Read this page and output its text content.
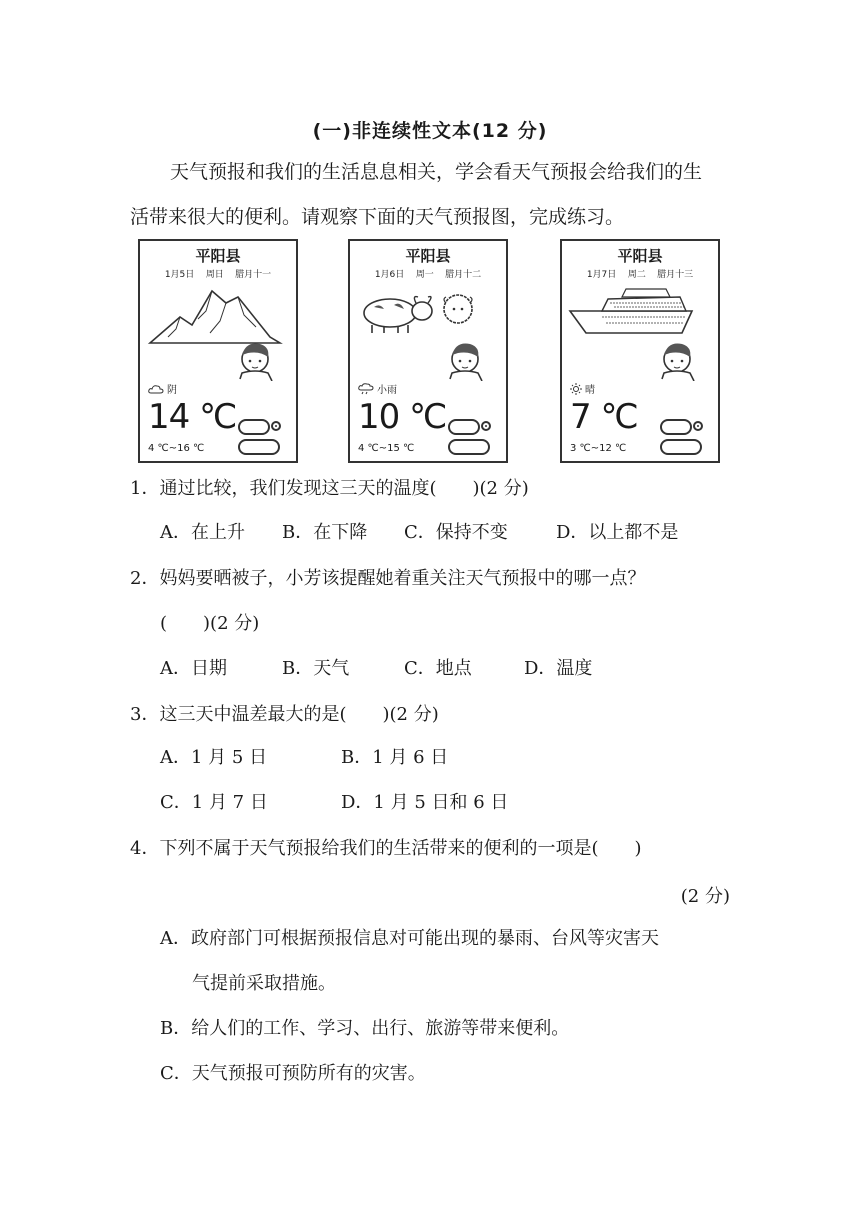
(一)非连续性文本(12 分)
天气预报和我们的生活息息相关，学会看天气预报会给我们的生
活带来很大的便利。请观察下面的天气预报图，完成练习。
平阳县
1月5日    周日    腊月十一
阴
14 ℃
4 ℃~16 ℃
平阳县
1月6日    周一    腊月十二
小雨
10 ℃
4 ℃~15 ℃
平阳县
1月7日    周二    腊月十三
晴
7 ℃
3 ℃~12 ℃
1．通过比较，我们发现这三天的温度(　　)(2 分)
A．在上升 B．在下降 C．保持不变	D．以上都不是
2．妈妈要晒被子，小芳该提醒她着重关注天气预报中的哪一点？
(　　)(2 分)
A．日期	B．天气	C．地点	D．温度
3．这三天中温差最大的是(　　)(2 分)
A．1 月 5 日	B．1 月 6 日
C．1 月 7 日	D．1 月 5 日和 6 日
4．下列不属于天气预报给我们的生活带来的便利的一项是(　　)
(2 分)
A．政府部门可根据预报信息对可能出现的暴雨、台风等灾害天
气提前采取措施。
B．给人们的工作、学习、出行、旅游等带来便利。
C．天气预报可预防所有的灾害。
